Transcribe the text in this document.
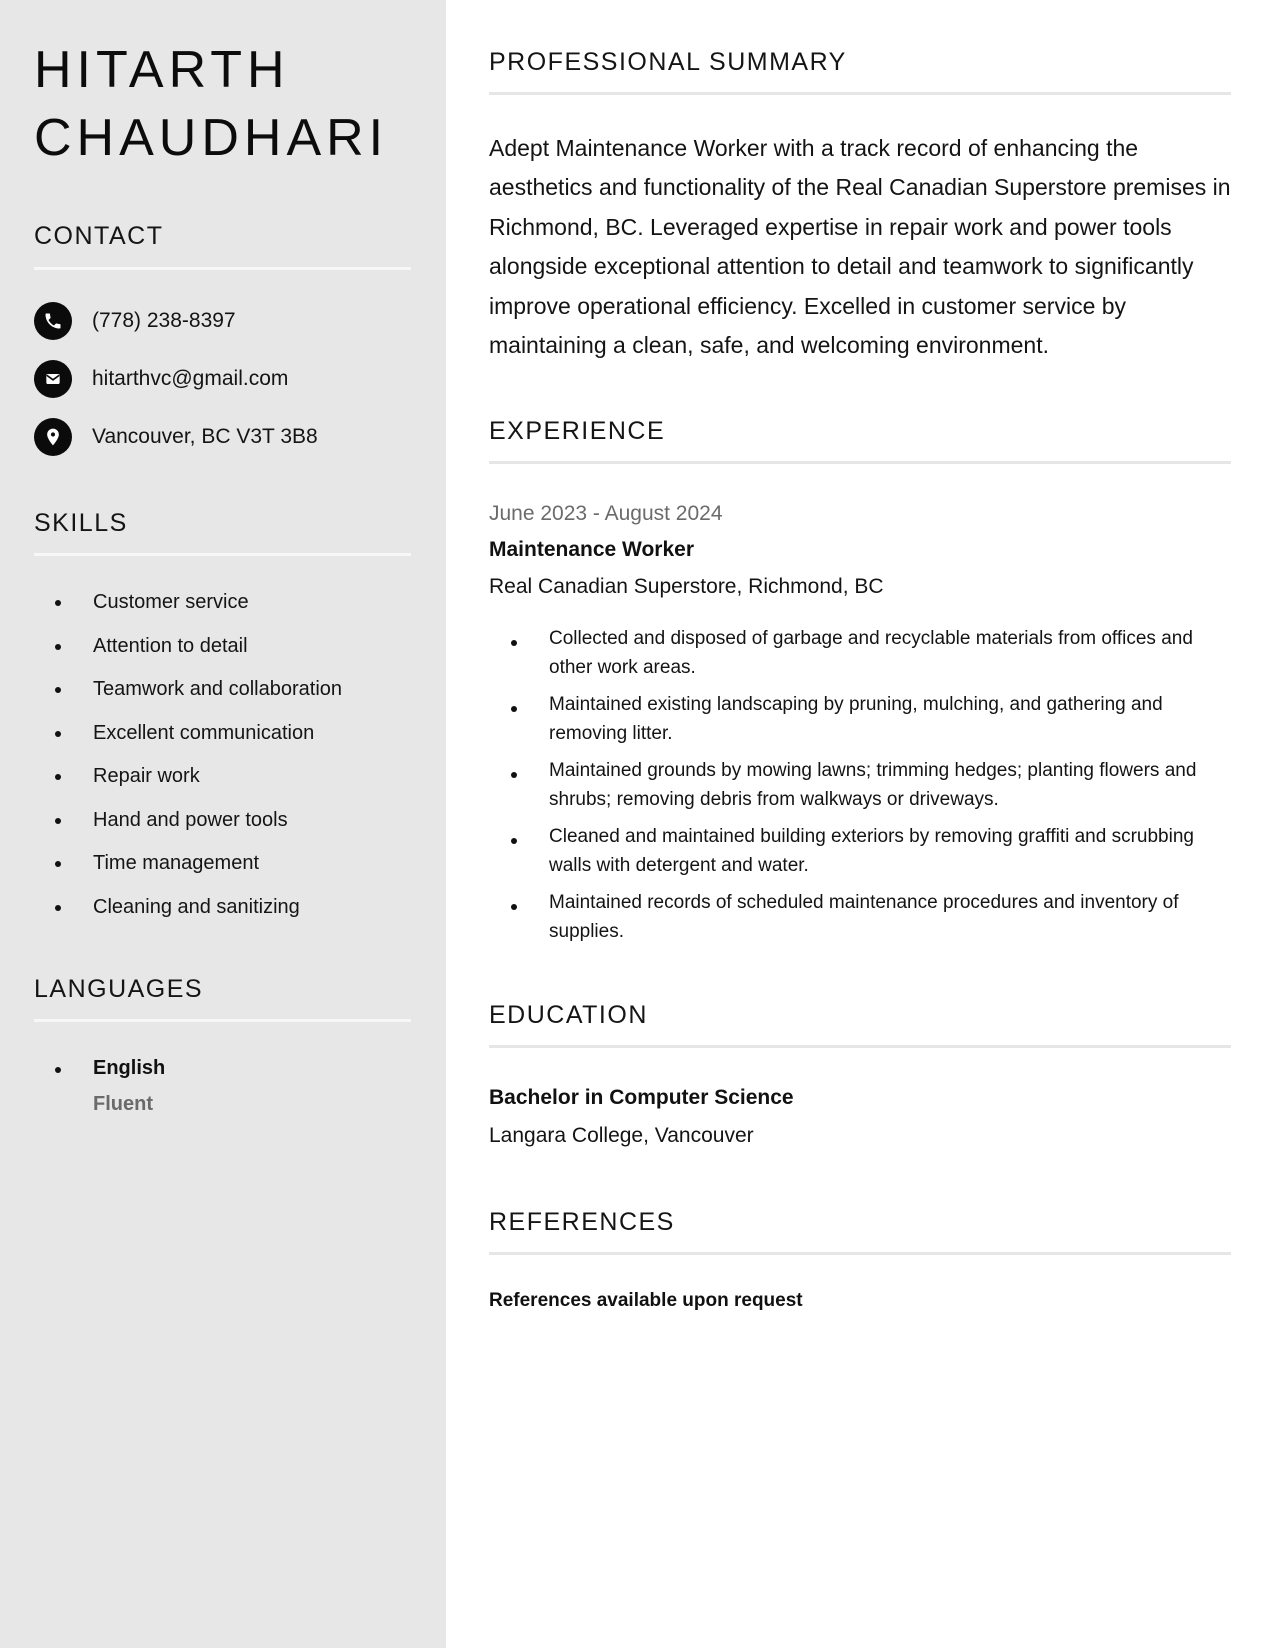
HITARTH
CHAUDHARI
CONTACT
(778) 238-8397
hitarthvc@gmail.com
Vancouver, BC V3T 3B8
SKILLS
Customer service
Attention to detail
Teamwork and collaboration
Excellent communication
Repair work
Hand and power tools
Time management
Cleaning and sanitizing
LANGUAGES
English
Fluent
PROFESSIONAL SUMMARY

Adept Maintenance Worker with a track record of enhancing the aesthetics and functionality of the Real Canadian Superstore premises in Richmond, BC. Leveraged expertise in repair work and power tools alongside exceptional attention to detail and teamwork to significantly improve operational efficiency. Excelled in customer service by maintaining a clean, safe, and welcoming environment.

EXPERIENCE
June 2023 - August 2024
Maintenance Worker
Real Canadian Superstore, Richmond, BC
Collected and disposed of garbage and recyclable materials from offices and other work areas.
Maintained existing landscaping by pruning, mulching, and gathering and removing litter.
Maintained grounds by mowing lawns; trimming hedges; planting flowers and shrubs; removing debris from walkways or driveways.
Cleaned and maintained building exteriors by removing graffiti and scrubbing walls with detergent and water.
Maintained records of scheduled maintenance procedures and inventory of supplies.
EDUCATION
Bachelor in Computer Science
Langara College, Vancouver
REFERENCES
References available upon request
